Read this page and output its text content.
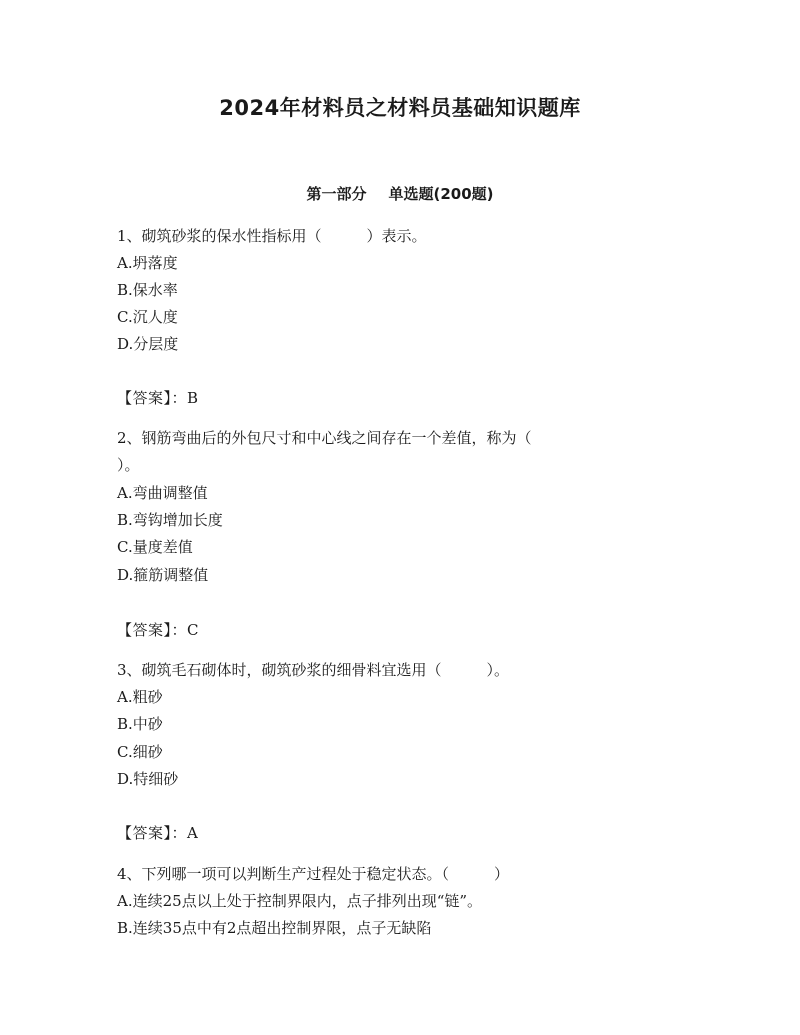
2024年材料员之材料员基础知识题库
第一部分 单选题(200题)
1、砌筑砂浆的保水性指标用（　　　）表示。
A.坍落度
B.保水率
C.沉人度
D.分层度
【答案】：B
2、钢筋弯曲后的外包尺寸和中心线之间存在一个差值，称为（
）。
A.弯曲调整值
B.弯钩增加长度
C.量度差值
D.箍筋调整值
【答案】：C
3、砌筑毛石砌体时，砌筑砂浆的细骨料宜选用（　　　）。
A.粗砂
B.中砂
C.细砂
D.特细砂
【答案】：A
4、下列哪一项可以判断生产过程处于稳定状态。（　　　）
A.连续25点以上处于控制界限内，点子排列出现“链”。
B.连续35点中有2点超出控制界限，点子无缺陷
